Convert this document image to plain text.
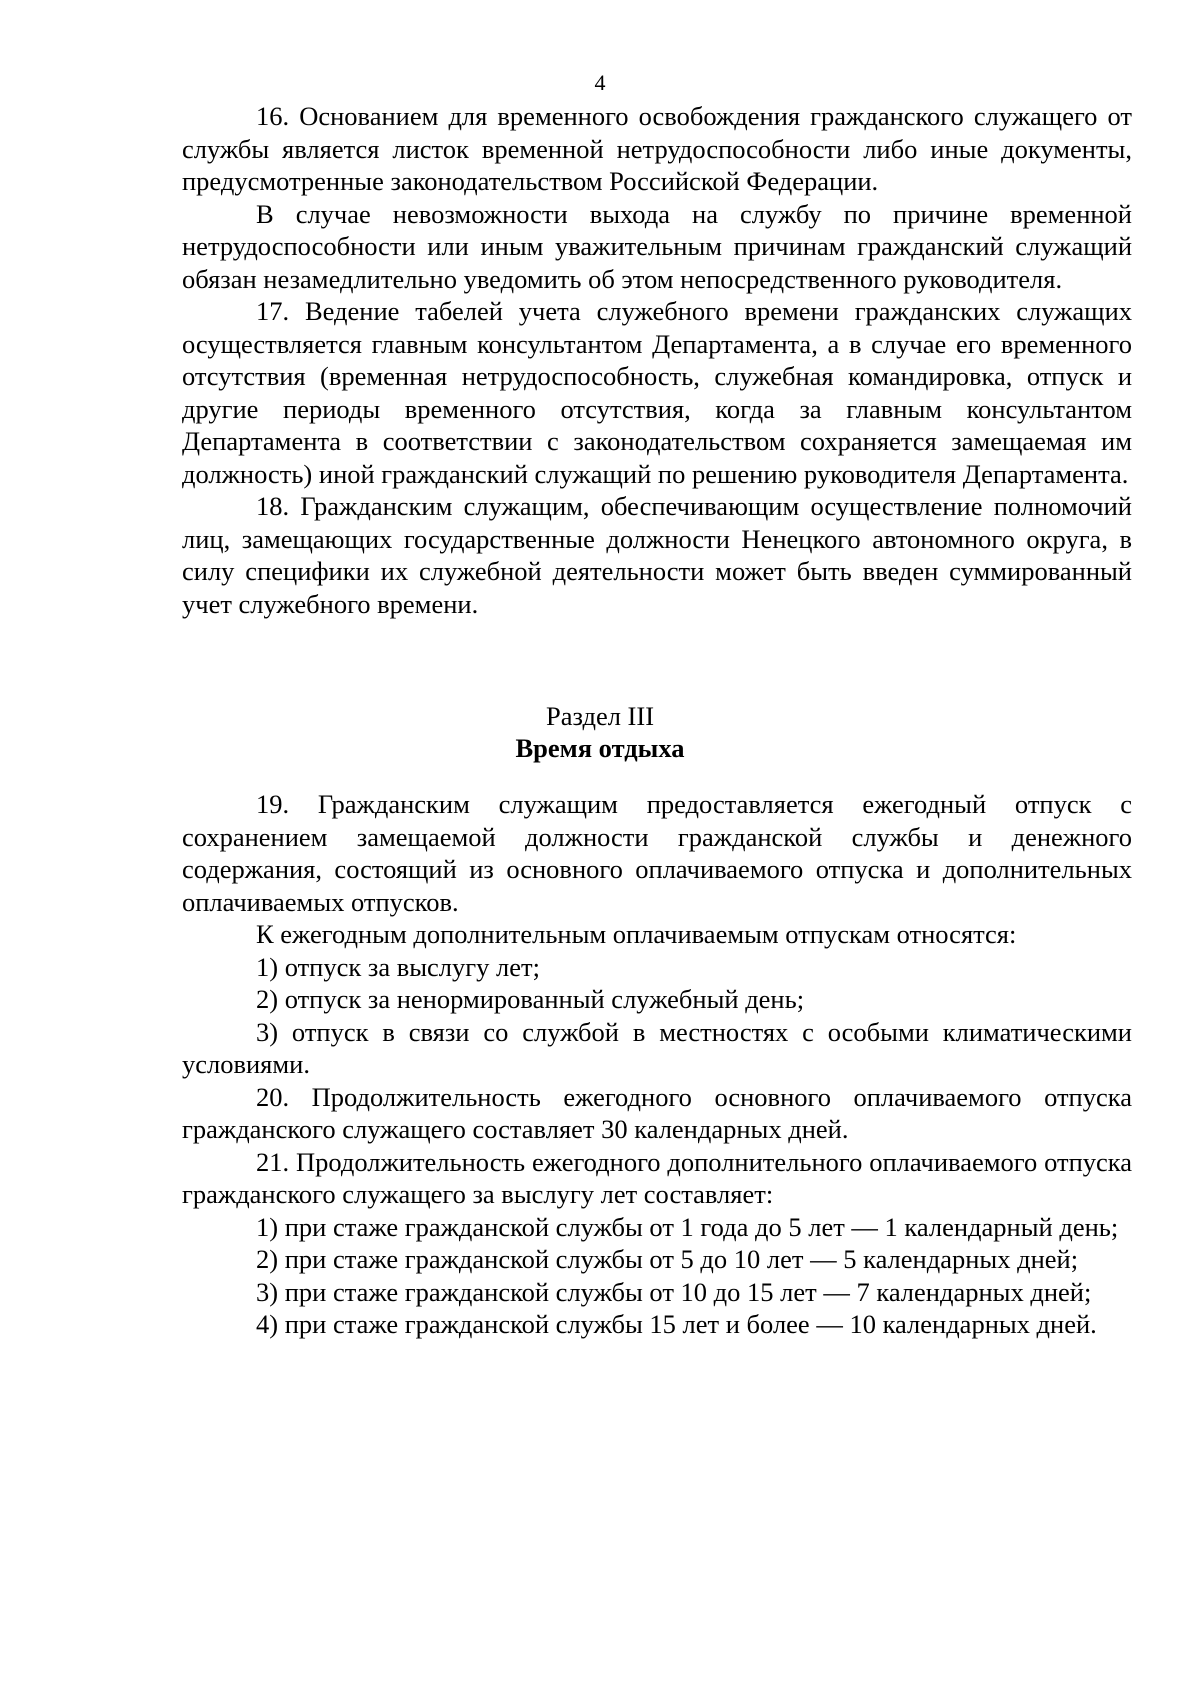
4

16. Основанием для временного освобождения гражданского служащего от службы является листок временной нетрудоспособности либо иные документы, предусмотренные законодательством Российской Федерации.

В случае невозможности выхода на службу по причине временной нетрудоспособности или иным уважительным причинам гражданский служащий обязан незамедлительно уведомить об этом непосредственного руководителя.

17. Ведение табелей учета служебного времени гражданских служащих осуществляется главным консультантом Департамента, а в случае его временного отсутствия (временная нетрудоспособность, служебная командировка, отпуск и другие периоды временного отсутствия, когда за главным консультантом Департамента в соответствии с законодательством сохраняется замещаемая им должность) иной гражданский служащий по решению руководителя Департамента.

18. Гражданским служащим, обеспечивающим осуществление полномочий лиц, замещающих государственные должности Ненецкого автономного округа, в силу специфики их служебной деятельности может быть введен суммированный учет служебного времени.

Раздел III
Время отдыха

19. Гражданским служащим предоставляется ежегодный отпуск с сохранением замещаемой должности гражданской службы и денежного содержания, состоящий из основного оплачиваемого отпуска и дополнительных оплачиваемых отпусков.

К ежегодным дополнительным оплачиваемым отпускам относятся:

1) отпуск за выслугу лет;

2) отпуск за ненормированный служебный день;

3) отпуск в связи со службой в местностях с особыми климатическими условиями.

20. Продолжительность ежегодного основного оплачиваемого отпуска гражданского служащего составляет 30 календарных дней.

21. Продолжительность ежегодного дополнительного оплачиваемого отпуска гражданского служащего за выслугу лет составляет:

1) при стаже гражданской службы от 1 года до 5 лет — 1 календарный день;

2) при стаже гражданской службы от 5 до 10 лет — 5 календарных дней;

3) при стаже гражданской службы от 10 до 15 лет — 7 календарных дней;

4) при стаже гражданской службы 15 лет и более — 10 календарных дней.
